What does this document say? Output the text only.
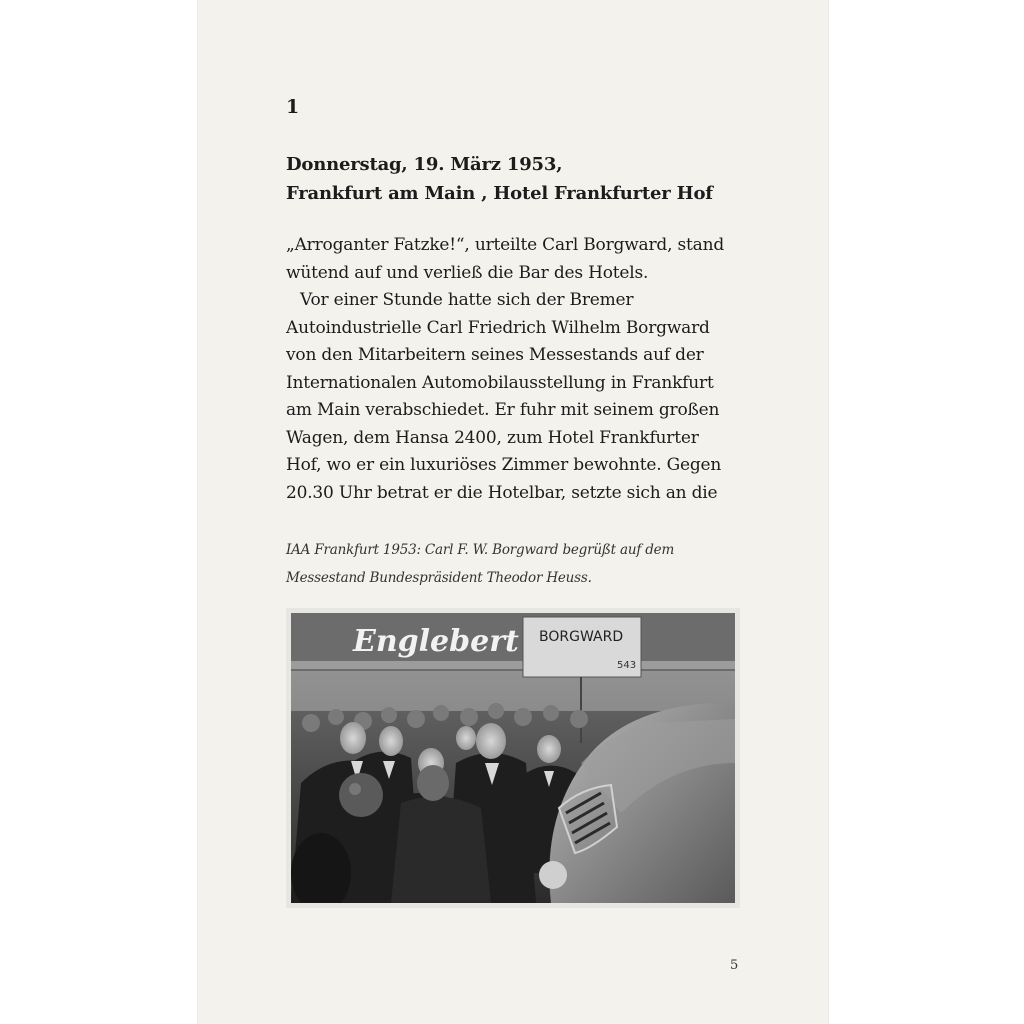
1
Donnerstag, 19. März 1953,
Frankfurt am Main , Hotel Frankfurter Hof
„Arroganter Fatzke!“, urteilte Carl Borgward, stand
wütend auf und verließ die Bar des Hotels.
Vor einer Stunde hatte sich der Bremer
Autoindustrielle Carl Friedrich Wilhelm Borgward
von den Mitarbeitern seines Messestands auf der
Internationalen Automobilausstellung in Frankfurt
am Main verabschiedet. Er fuhr mit seinem großen
Wagen, dem Hansa 2400, zum Hotel Frankfurter
Hof, wo er ein luxuriöses Zimmer bewohnte. Gegen
20.30 Uhr betrat er die Hotelbar, setzte sich an die
IAA Frankfurt 1953: Carl F. W. Borgward begrüßt auf dem
Messestand Bundespräsident Theodor Heuss.
Englebert BORGWARD
543
5
